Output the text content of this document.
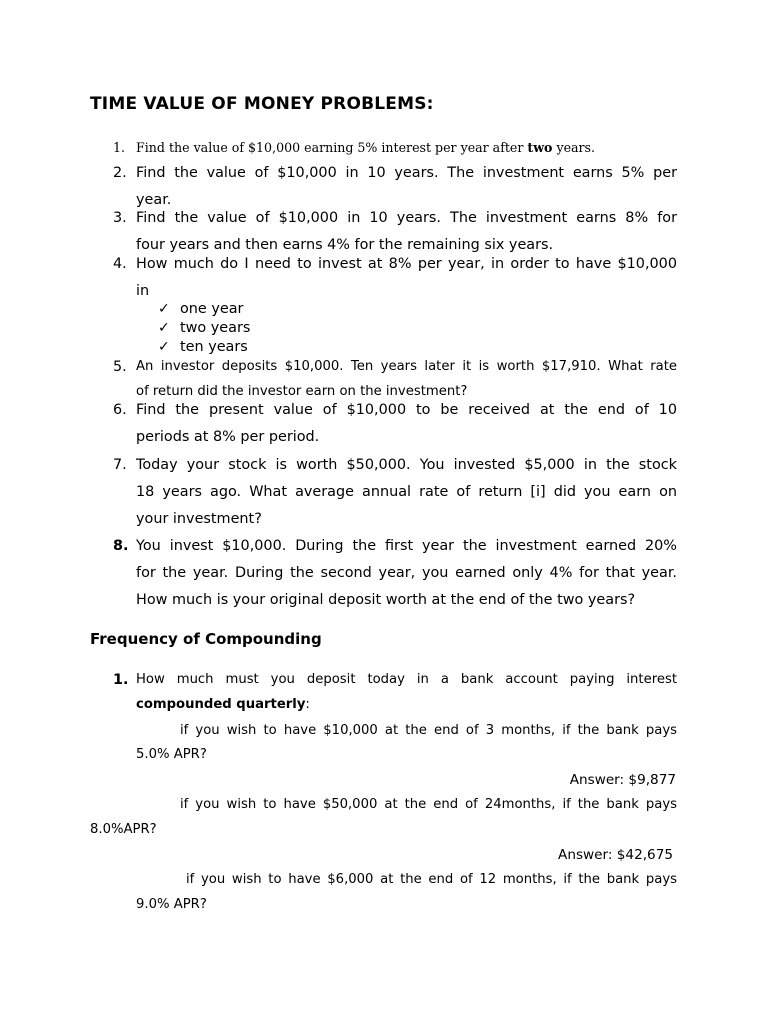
TIME VALUE OF MONEY PROBLEMS:
1. Find the value of $10,000 earning 5% interest per year after two years.
2. Find the value of $10,000 in 10 years. The investment earns 5% per
year.
3. Find the value of $10,000 in 10 years. The investment earns 8% for
four years and then earns 4% for the remaining six years.
4. How much do I need to invest at 8% per year, in order to have $10,000
in
✓ one year
✓ two years
✓ ten years
5. An investor deposits $10,000. Ten years later it is worth $17,910. What rate
of return did the investor earn on the investment?
6. Find the present value of $10,000 to be received at the end of 10
periods at 8% per period.
7. Today your stock is worth $50,000. You invested $5,000 in the stock
18 years ago. What average annual rate of return [i] did you earn on
your investment?
8. You invest $10,000. During the first year the investment earned 20%
for the year. During the second year, you earned only 4% for that year.
How much is your original deposit worth at the end of the two years?
Frequency of Compounding
1. How much must you deposit today in a bank account paying interest
compounded quarterly:
if you wish to have $10,000 at the end of 3 months, if the bank pays
5.0% APR?
Answer: $9,877
if you wish to have $50,000 at the end of 24months, if the bank pays
8.0%APR?
Answer: $42,675
if you wish to have $6,000 at the end of 12 months, if the bank pays
9.0% APR?
